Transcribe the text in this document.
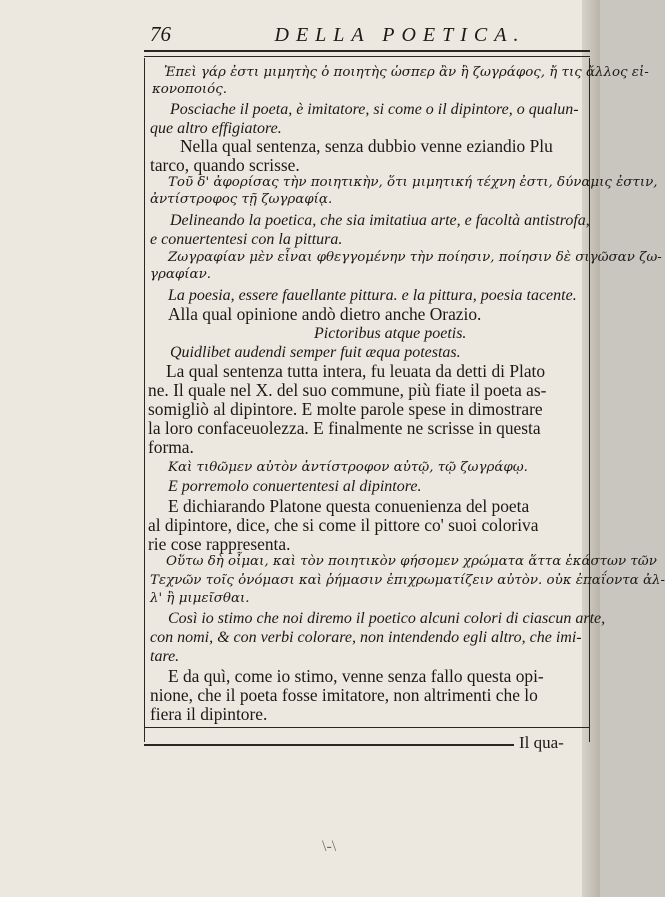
76	DELLA POETICA.
Ἐπεὶ γάρ ἐστι μιμητὴς ὁ ποιητὴς ὡσπερ ἂν ἢ ζωγράφος, ἤ τις ἄλλος εἰ-
κονοποιός.
Posciache il poeta, è imitatore, si come o il dipintore, o qualun-
que altro effigiatore.
Nella qual sentenza, senza dubbio venne eziandio Plu
tarco, quando scrisse.
Τοῦ δ' ἀφορίσας τὴν ποιητικὴν, ὅτι μιμητική τέχνη ἐστι, δύναμις ἐστιν,
ἀντίστροφος τῇ ζωγραφίᾳ.
Delineando la poetica, che sia imitatiua arte, e facoltà antistrofa,
e conuertentesi con la pittura.
Ζωγραφίαν μὲν εἶναι φθεγγομένην τὴν ποίησιν, ποίησιν δὲ σιγῶσαν ζω-
γραφίαν.
La poesia, essere fauellante pittura. e la pittura, poesia tacente.
Alla qual opinione andò dietro anche Orazio.
Pictoribus atque poetis.
Quidlibet audendi semper fuit æqua potestas.
La qual sentenza tutta intera, fu leuata da detti di Plato
ne. Il quale nel X. del suo commune, più fiate il poeta as-
somigliò al dipintore. E molte parole spese in dimostrare
la loro confaceuolezza. E finalmente ne scrisse in questa
forma.
Καὶ τιθῶμεν αὐτὸν ἀντίστροφον αὐτῷ, τῷ ζωγράφῳ.
E porremolo conuertentesi al dipintore.
E dichiarando Platone questa conuenienza del poeta
al dipintore, dice, che si come il pittore co' suoi coloriva
rie cose rappresenta.
Οὕτω δὴ οἶμαι, καὶ τὸν ποιητικὸν φήσομεν χρώματα ἅττα ἑκάστων τῶν
Τεχνῶν τοῖς ὀνόμασι καὶ ῥήμασιν ἐπιχρωματίζειν αὐτὸν. οὐκ ἐπαΐοντα ἀλ-
λ' ἢ μιμεῖσθαι.
Così io stimo che noi diremo il poetico alcuni colori di ciascun arte,
con nomi, & con verbi colorare, non intendendo egli altro, che imi-
tare.
E da quì, come io stimo, venne senza fallo questa opi-
nione, che il poeta fosse imitatore, non altrimenti che lo
fiera il dipintore.
Il qua-
\-\
